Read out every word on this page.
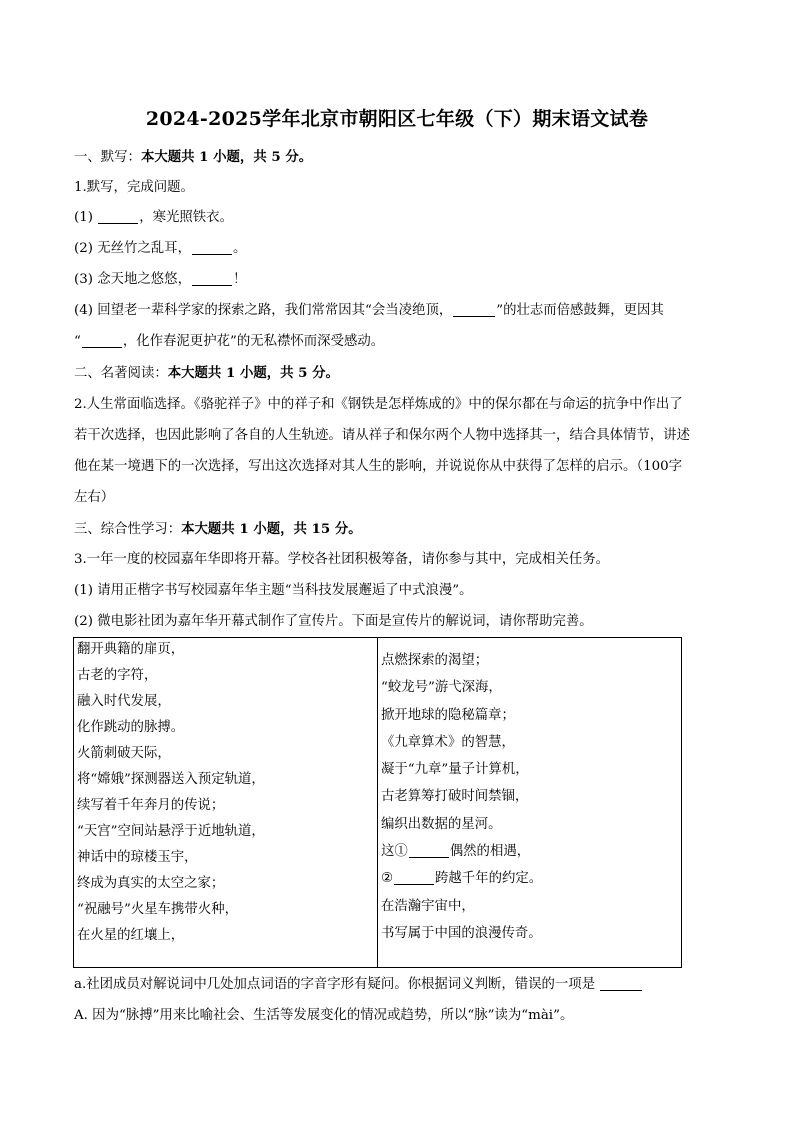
2024-2025学年北京市朝阳区七年级（下）期末语文试卷
一、默写：本大题共 1 小题，共 5 分。
1.默写，完成问题。
(1)	，寒光照铁衣。
(2) 无丝竹之乱耳，	。
(3) 念天地之悠悠，	！
(4) 回望老一辈科学家的探索之路，我们常常因其“会当凌绝顶，	”的壮志而倍感鼓舞，更因其
“	，化作春泥更护花”的无私襟怀而深受感动。
二、名著阅读：本大题共 1 小题，共 5 分。
2.人生常面临选择。《骆驼祥子》中的祥子和《钢铁是怎样炼成的》中的保尔都在与命运的抗争中作出了
若干次选择，也因此影响了各自的人生轨迹。请从祥子和保尔两个人物中选择其一，结合具体情节，讲述
他在某一境遇下的一次选择，写出这次选择对其人生的影响，并说说你从中获得了怎样的启示。（100字
左右）
三、综合性学习：本大题共 1 小题，共 15 分。
3.一年一度的校园嘉年华即将开幕。学校各社团积极筹备，请你参与其中，完成相关任务。
(1) 请用正楷字书写校园嘉年华主题“当科技发展邂逅了中式浪漫”。
(2) 微电影社团为嘉年华开幕式制作了宣传片。下面是宣传片的解说词，请你帮助完善。
翻开典籍的扉页，
古老的字符，
融入时代发展，
化作跳动的脉搏。
火箭刺破天际，
将“嫦娥”探测器送入预定轨道，
续写着千年奔月的传说；
“天宫”空间站悬浮于近地轨道，
神话中的琼楼玉宇，
终成为真实的太空之家；
“祝融号”火星车携带火种，
在火星的红壤上，

点燃探索的渴望；
“蛟龙号”游弋深海，
掀开地球的隐秘篇章；
《九章算术》的智慧，
凝于“九章”量子计算机，
古老算筹打破时间禁锢，
编织出数据的星河。
这①	偶然的相遇，
②	跨越千年的约定。
在浩瀚宇宙中，
书写属于中国的浪漫传奇。
a.社团成员对解说词中几处加点词语的字音字形有疑问。你根据词义判断，错误的一项是
A. 因为“脉搏”用来比喻社会、生活等发展变化的情况或趋势，所以“脉”读为“mài”。
